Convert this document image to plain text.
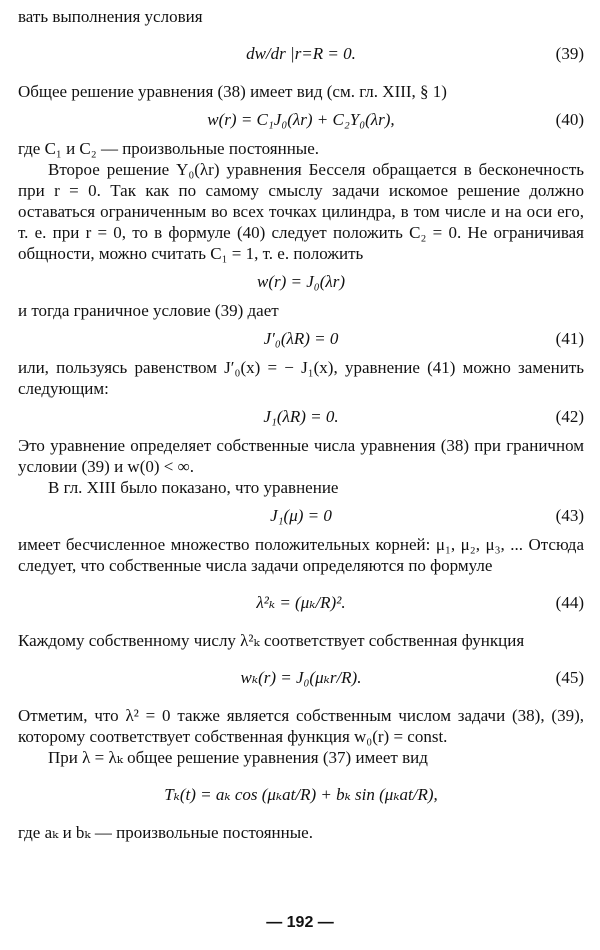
вать выполнения условия

dw/dr |r=R = 0.	(39)

Общее решение уравнения (38) имеет вид (см. гл. XIII, § 1)

w(r) = C₁J₀(λr) + C₂Y₀(λr),	(40)

где C₁ и C₂ — произвольные постоянные.

Второе решение Y₀(λr) уравнения Бесселя обращается в бесконечность при r = 0. Так как по самому смыслу задачи искомое решение должно оставаться ограниченным во всех точках цилиндра, в том числе и на оси его, т. е. при r = 0, то в формуле (40) следует положить C₂ = 0. Не ограничивая общности, можно считать C₁ = 1, т. е. положить

w(r) = J₀(λr)

и тогда граничное условие (39) дает

J′₀(λR) = 0	(41)

или, пользуясь равенством J′₀(x) = − J₁(x), уравнение (41) можно заменить следующим:

J₁(λR) = 0.	(42)

Это уравнение определяет собственные числа уравнения (38) при граничном условии (39) и w(0) < ∞.

В гл. XIII было показано, что уравнение

J₁(μ) = 0	(43)

имеет бесчисленное множество положительных корней: μ₁, μ₂, μ₃, ... Отсюда следует, что собственные числа задачи определяются по формуле

λ²ₖ = (μₖ/R)².	(44)

Каждому собственному числу λ²ₖ соответствует собственная функция

wₖ(r) = J₀(μₖr/R).	(45)

Отметим, что λ² = 0 также является собственным числом задачи (38), (39), которому соответствует собственная функция w₀(r) = const.

При λ = λₖ общее решение уравнения (37) имеет вид

Tₖ(t) = aₖ cos (μₖat/R) + bₖ sin (μₖat/R),

где aₖ и bₖ — произвольные постоянные.

— 192 —
